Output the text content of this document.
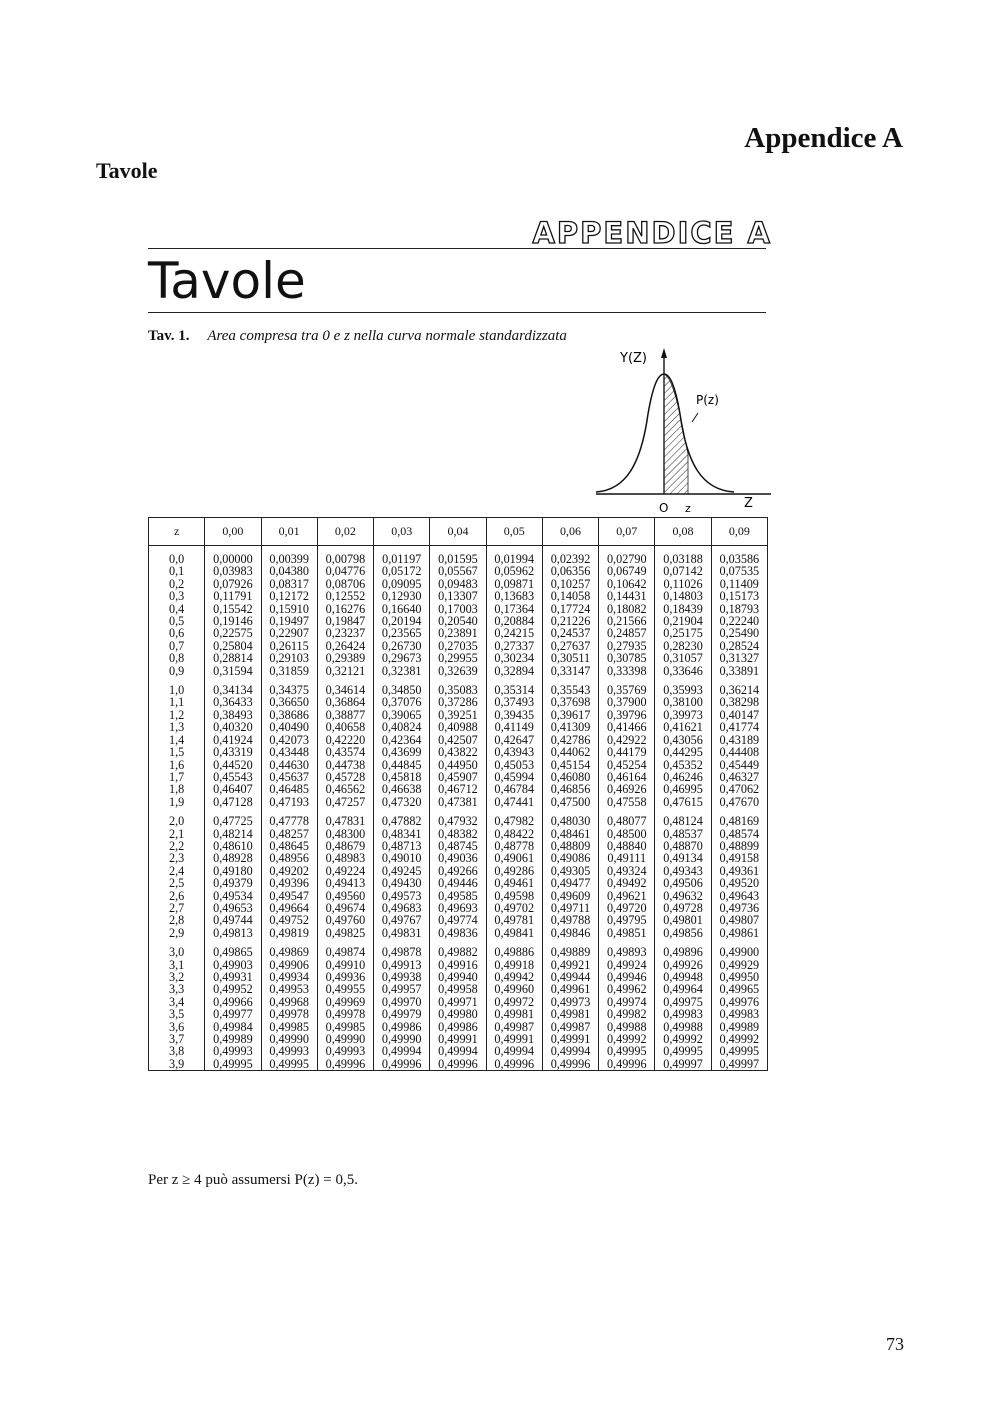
Appendice A
Tavole
APPENDICE A
Tavole
Tav. 1. Area compresa tra 0 e z nella curva normale standardizzata
Y(Z)
P(z)
O z	Z
z	0,00	0,01	0,02	0,03	0,04	0,05	0,06	0,07	0,08	0,09

0,0	0,00000	0,00399	0,00798	0,01197	0,01595	0,01994	0,02392	0,02790	0,03188	0,03586
0,1	0,03983	0,04380	0,04776	0,05172	0,05567	0,05962	0,06356	0,06749	0,07142	0,07535
0,2	0,07926	0,08317	0,08706	0,09095	0,09483	0,09871	0,10257	0,10642	0,11026	0,11409
0,3	0,11791	0,12172	0,12552	0,12930	0,13307	0,13683	0,14058	0,14431	0,14803	0,15173
0,4	0,15542	0,15910	0,16276	0,16640	0,17003	0,17364	0,17724	0,18082	0,18439	0,18793
0,5	0,19146	0,19497	0,19847	0,20194	0,20540	0,20884	0,21226	0,21566	0,21904	0,22240
0,6	0,22575	0,22907	0,23237	0,23565	0,23891	0,24215	0,24537	0,24857	0,25175	0,25490
0,7	0,25804	0,26115	0,26424	0,26730	0,27035	0,27337	0,27637	0,27935	0,28230	0,28524
0,8	0,28814	0,29103	0,29389	0,29673	0,29955	0,30234	0,30511	0,30785	0,31057	0,31327
0,9	0,31594	0,31859	0,32121	0,32381	0,32639	0,32894	0,33147	0,33398	0,33646	0,33891

1,0	0,34134	0,34375	0,34614	0,34850	0,35083	0,35314	0,35543	0,35769	0,35993	0,36214
1,1	0,36433	0,36650	0,36864	0,37076	0,37286	0,37493	0,37698	0,37900	0,38100	0,38298
1,2	0,38493	0,38686	0,38877	0,39065	0,39251	0,39435	0,39617	0,39796	0,39973	0,40147
1,3	0,40320	0,40490	0,40658	0,40824	0,40988	0,41149	0,41309	0,41466	0,41621	0,41774
1,4	0,41924	0,42073	0,42220	0,42364	0,42507	0,42647	0,42786	0,42922	0,43056	0,43189
1,5	0,43319	0,43448	0,43574	0,43699	0,43822	0,43943	0,44062	0,44179	0,44295	0,44408
1,6	0,44520	0,44630	0,44738	0,44845	0,44950	0,45053	0,45154	0,45254	0,45352	0,45449
1,7	0,45543	0,45637	0,45728	0,45818	0,45907	0,45994	0,46080	0,46164	0,46246	0,46327
1,8	0,46407	0,46485	0,46562	0,46638	0,46712	0,46784	0,46856	0,46926	0,46995	0,47062
1,9	0,47128	0,47193	0,47257	0,47320	0,47381	0,47441	0,47500	0,47558	0,47615	0,47670

2,0	0,47725	0,47778	0,47831	0,47882	0,47932	0,47982	0,48030	0,48077	0,48124	0,48169
2,1	0,48214	0,48257	0,48300	0,48341	0,48382	0,48422	0,48461	0,48500	0,48537	0,48574
2,2	0,48610	0,48645	0,48679	0,48713	0,48745	0,48778	0,48809	0,48840	0,48870	0,48899
2,3	0,48928	0,48956	0,48983	0,49010	0,49036	0,49061	0,49086	0,49111	0,49134	0,49158
2,4	0,49180	0,49202	0,49224	0,49245	0,49266	0,49286	0,49305	0,49324	0,49343	0,49361
2,5	0,49379	0,49396	0,49413	0,49430	0,49446	0,49461	0,49477	0,49492	0,49506	0,49520
2,6	0,49534	0,49547	0,49560	0,49573	0,49585	0,49598	0,49609	0,49621	0,49632	0,49643
2,7	0,49653	0,49664	0,49674	0,49683	0,49693	0,49702	0,49711	0,49720	0,49728	0,49736
2,8	0,49744	0,49752	0,49760	0,49767	0,49774	0,49781	0,49788	0,49795	0,49801	0,49807
2,9	0,49813	0,49819	0,49825	0,49831	0,49836	0,49841	0,49846	0,49851	0,49856	0,49861

3,0	0,49865	0,49869	0,49874	0,49878	0,49882	0,49886	0,49889	0,49893	0,49896	0,49900
3,1	0,49903	0,49906	0,49910	0,49913	0,49916	0,49918	0,49921	0,49924	0,49926	0,49929
3,2	0,49931	0,49934	0,49936	0,49938	0,49940	0,49942	0,49944	0,49946	0,49948	0,49950
3,3	0,49952	0,49953	0,49955	0,49957	0,49958	0,49960	0,49961	0,49962	0,49964	0,49965
3,4	0,49966	0,49968	0,49969	0,49970	0,49971	0,49972	0,49973	0,49974	0,49975	0,49976
3,5	0,49977	0,49978	0,49978	0,49979	0,49980	0,49981	0,49981	0,49982	0,49983	0,49983
3,6	0,49984	0,49985	0,49985	0,49986	0,49986	0,49987	0,49987	0,49988	0,49988	0,49989
3,7	0,49989	0,49990	0,49990	0,49990	0,49991	0,49991	0,49991	0,49992	0,49992	0,49992
3,8	0,49993	0,49993	0,49993	0,49994	0,49994	0,49994	0,49994	0,49995	0,49995	0,49995
3,9	0,49995	0,49995	0,49996	0,49996	0,49996	0,49996	0,49996	0,49996	0,49997	0,49997
Per z ≥ 4 può assumersi P(z) = 0,5.
73
